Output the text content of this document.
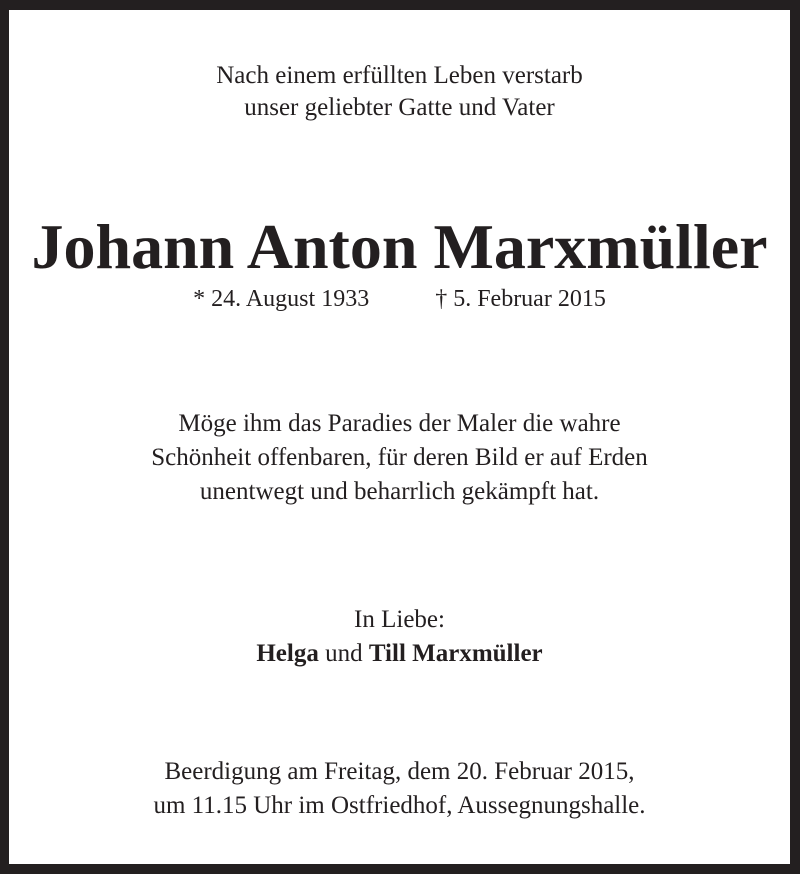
Nach einem erfüllten Leben verstarb
unser geliebter Gatte und Vater
Johann Anton Marxmüller
* 24. August 1933	† 5. Februar 2015
Möge ihm das Paradies der Maler die wahre
Schönheit offenbaren, für deren Bild er auf Erden
unentwegt und beharrlich gekämpft hat.
In Liebe:
Helga und Till Marxmüller
Beerdigung am Freitag, dem 20. Februar 2015,
um 11.15 Uhr im Ostfriedhof, Aussegnungshalle.
